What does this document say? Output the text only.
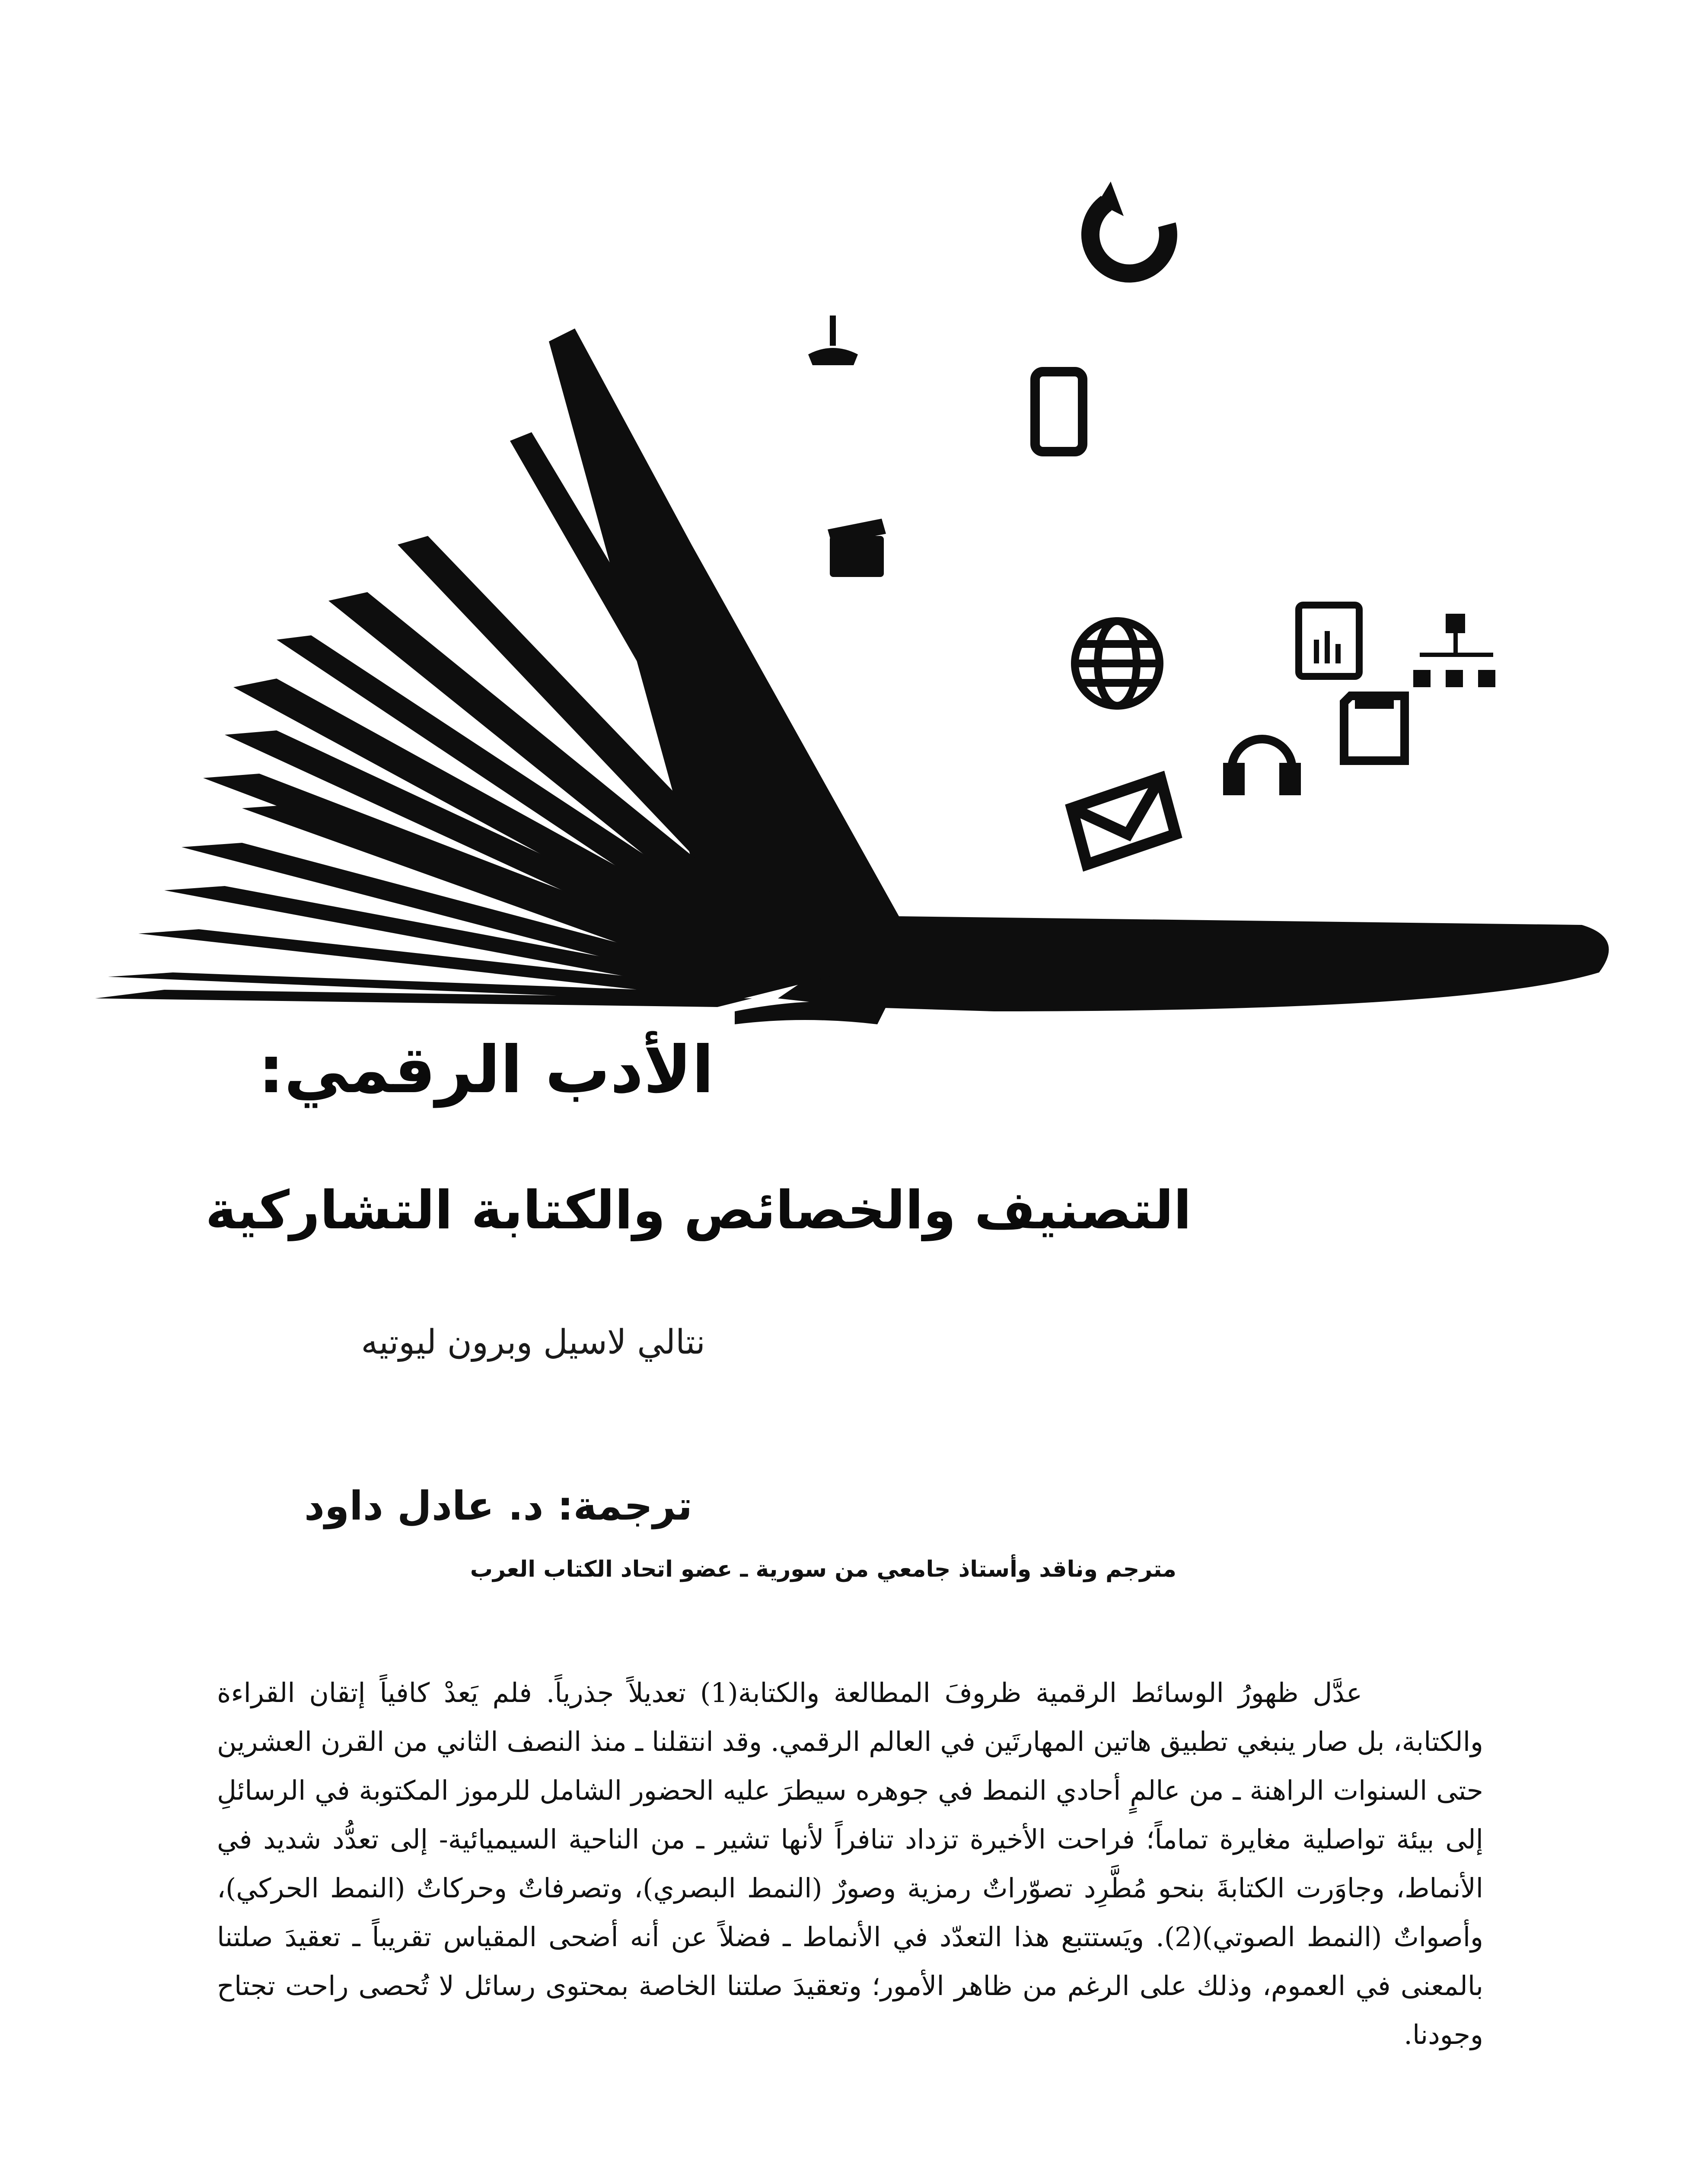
الأدب الرقمي:
التصنيف والخصائص والكتابة التشاركية
نتالي لاسيل وبرون ليوتيه
ترجمة: د. عادل داود
مترجم وناقد وأستاذ جامعي من سورية ـ عضو اتحاد الكتاب العرب

عدَّل ظهورُ الوسائط الرقمية ظروفَ المطالعة والكتابة(1) تعديلاً جذرياً. فلم يَعدْ كافياً إتقان القراءة والكتابة، بل صار ينبغي تطبيق هاتين المهارتَين في العالم الرقمي. وقد انتقلنا ـ منذ النصف الثاني من القرن العشرين حتى السنوات الراهنة ـ من عالمٍ أحادي النمط في جوهره سيطرَ عليه الحضور الشامل للرموز المكتوبة في الرسائلِ إلى بيئة تواصلية مغايرة تماماً؛ فراحت الأخيرة تزداد تنافراً لأنها تشير ـ من الناحية السيميائية- إلى تعدُّد شديد في الأنماط، وجاوَرت الكتابةَ بنحو مُطَّرِد تصوّراتٌ رمزية وصورٌ (النمط البصري)، وتصرفاتٌ وحركاتٌ (النمط الحركي)، وأصواتٌ (النمط الصوتي)(2). ويَستتبع هذا التعدّد في الأنماط ـ فضلاً عن أنه أضحى المقياس تقريباً ـ تعقيدَ صلتنا بالمعنى في العموم، وذلك على الرغم من ظاهر الأمور؛ وتعقيدَ صلتنا الخاصة بمحتوى رسائل لا تُحصى راحت تجتاح وجودنا.
